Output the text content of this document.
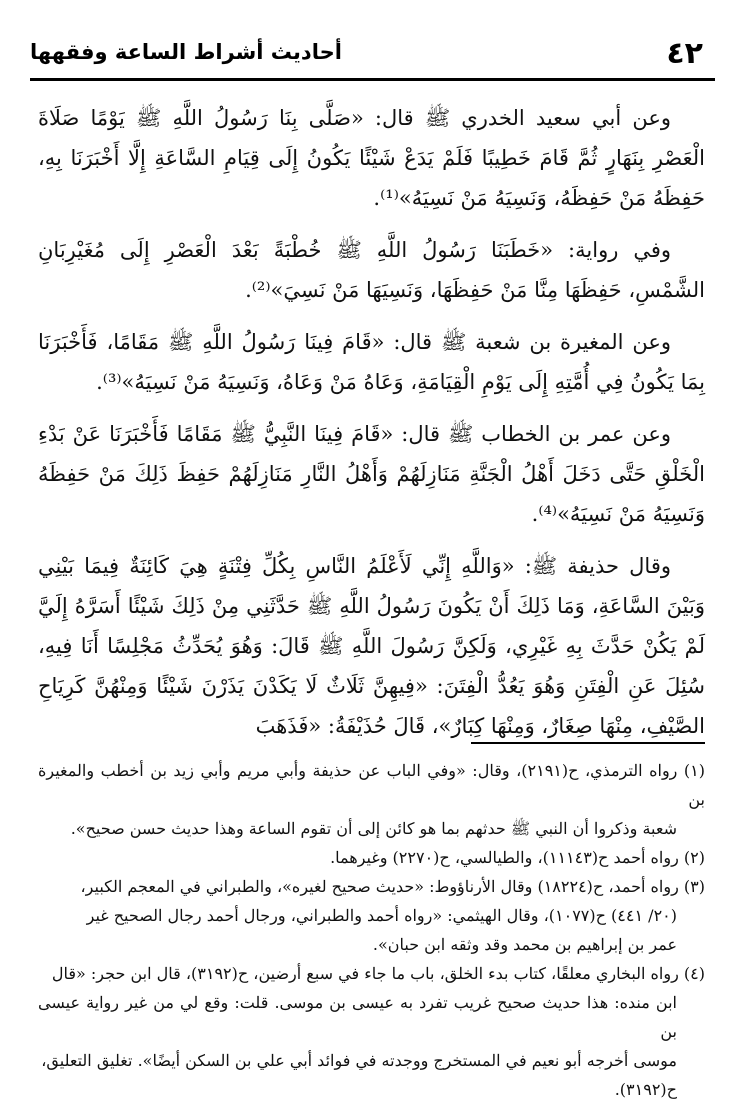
٤٢
أحاديث أشراط الساعة وفقهها

وعن أبي سعيد الخدري ﷺ قال: «صَلَّى بِنَا رَسُولُ اللَّهِ ﷺ يَوْمًا صَلَاةَ الْعَصْرِ بِنَهَارٍ ثُمَّ قَامَ خَطِيبًا فَلَمْ يَدَعْ شَيْئًا يَكُونُ إِلَى قِيَامِ السَّاعَةِ إِلَّا أَخْبَرَنَا بِهِ، حَفِظَهُ مَنْ حَفِظَهُ، وَنَسِيَهُ مَنْ نَسِيَهُ»⁽¹⁾.

وفي رواية: «خَطَبَنَا رَسُولُ اللَّهِ ﷺ خُطْبَةً بَعْدَ الْعَصْرِ إِلَى مُغَيْرِبَانِ الشَّمْسِ، حَفِظَهَا مِنَّا مَنْ حَفِظَهَا، وَنَسِيَهَا مَنْ نَسِيَ»⁽²⁾.

وعن المغيرة بن شعبة ﷺ قال: «قَامَ فِينَا رَسُولُ اللَّهِ ﷺ مَقَامًا، فَأَخْبَرَنَا بِمَا يَكُونُ فِي أُمَّتِهِ إِلَى يَوْمِ الْقِيَامَةِ، وَعَاهُ مَنْ وَعَاهُ، وَنَسِيَهُ مَنْ نَسِيَهُ»⁽³⁾.

وعن عمر بن الخطاب ﷺ قال: «قَامَ فِينَا النَّبِيُّ ﷺ مَقَامًا فَأَخْبَرَنَا عَنْ بَدْءِ الْخَلْقِ حَتَّى دَخَلَ أَهْلُ الْجَنَّةِ مَنَازِلَهُمْ وَأَهْلُ النَّارِ مَنَازِلَهُمْ حَفِظَ ذَلِكَ مَنْ حَفِظَهُ وَنَسِيَهُ مَنْ نَسِيَهُ»⁽⁴⁾.

وقال حذيفة ﷺ: «وَاللَّهِ إِنِّي لَأَعْلَمُ النَّاسِ بِكُلِّ فِتْنَةٍ هِيَ كَائِنَةٌ فِيمَا بَيْنِي وَبَيْنَ السَّاعَةِ، وَمَا ذَلِكَ أَنْ يَكُونَ رَسُولُ اللَّهِ ﷺ حَدَّثَنِي مِنْ ذَلِكَ شَيْئًا أَسَرَّهُ إِلَيَّ لَمْ يَكُنْ حَدَّثَ بِهِ غَيْرِي، وَلَكِنَّ رَسُولَ اللَّهِ ﷺ قَالَ: وَهُوَ يُحَدِّثُ مَجْلِسًا أَنَا فِيهِ، سُئِلَ عَنِ الْفِتَنِ وَهُوَ يَعُدُّ الْفِتَنَ: «فِيهِنَّ ثَلَاثٌ لَا يَكَدْنَ يَذَرْنَ شَيْئًا وَمِنْهُنَّ كَرِيَاحِ الصَّيْفِ، مِنْهَا صِغَارٌ، وَمِنْهَا كِبَارٌ»، قَالَ حُذَيْفَةُ: «فَذَهَبَ

(١) رواه الترمذي، ح(٢١٩١)، وقال: «وفي الباب عن حذيفة وأبي مريم وأبي زيد بن أخطب والمغيرة بن
شعبة وذكروا أن النبي ﷺ حدثهم بما هو كائن إلى أن تقوم الساعة وهذا حديث حسن صحيح».
(٢) رواه أحمد ح(١١١٤٣)، والطيالسي، ح(٢٢٧٠) وغيرهما.
(٣) رواه أحمد، ح(١٨٢٢٤) وقال الأرناؤوط: «حديث صحيح لغيره»، والطبراني في المعجم الكبير،
(٢٠/ ٤٤١) ح(١٠٧٧)، وقال الهيثمي: «رواه أحمد والطبراني، ورجال أحمد رجال الصحيح غير
عمر بن إبراهيم بن محمد وقد وثقه ابن حبان».
(٤) رواه البخاري معلقًا، كتاب بدء الخلق، باب ما جاء في سبع أرضين، ح(٣١٩٢)، قال ابن حجر: «قال
ابن منده: هذا حديث صحيح غريب تفرد به عيسى بن موسى. قلت: وقع لي من غير رواية عيسى بن
موسى أخرجه أبو نعيم في المستخرج ووجدته في فوائد أبي علي بن السكن أيضًا». تغليق التعليق،
ح(٣١٩٢).
